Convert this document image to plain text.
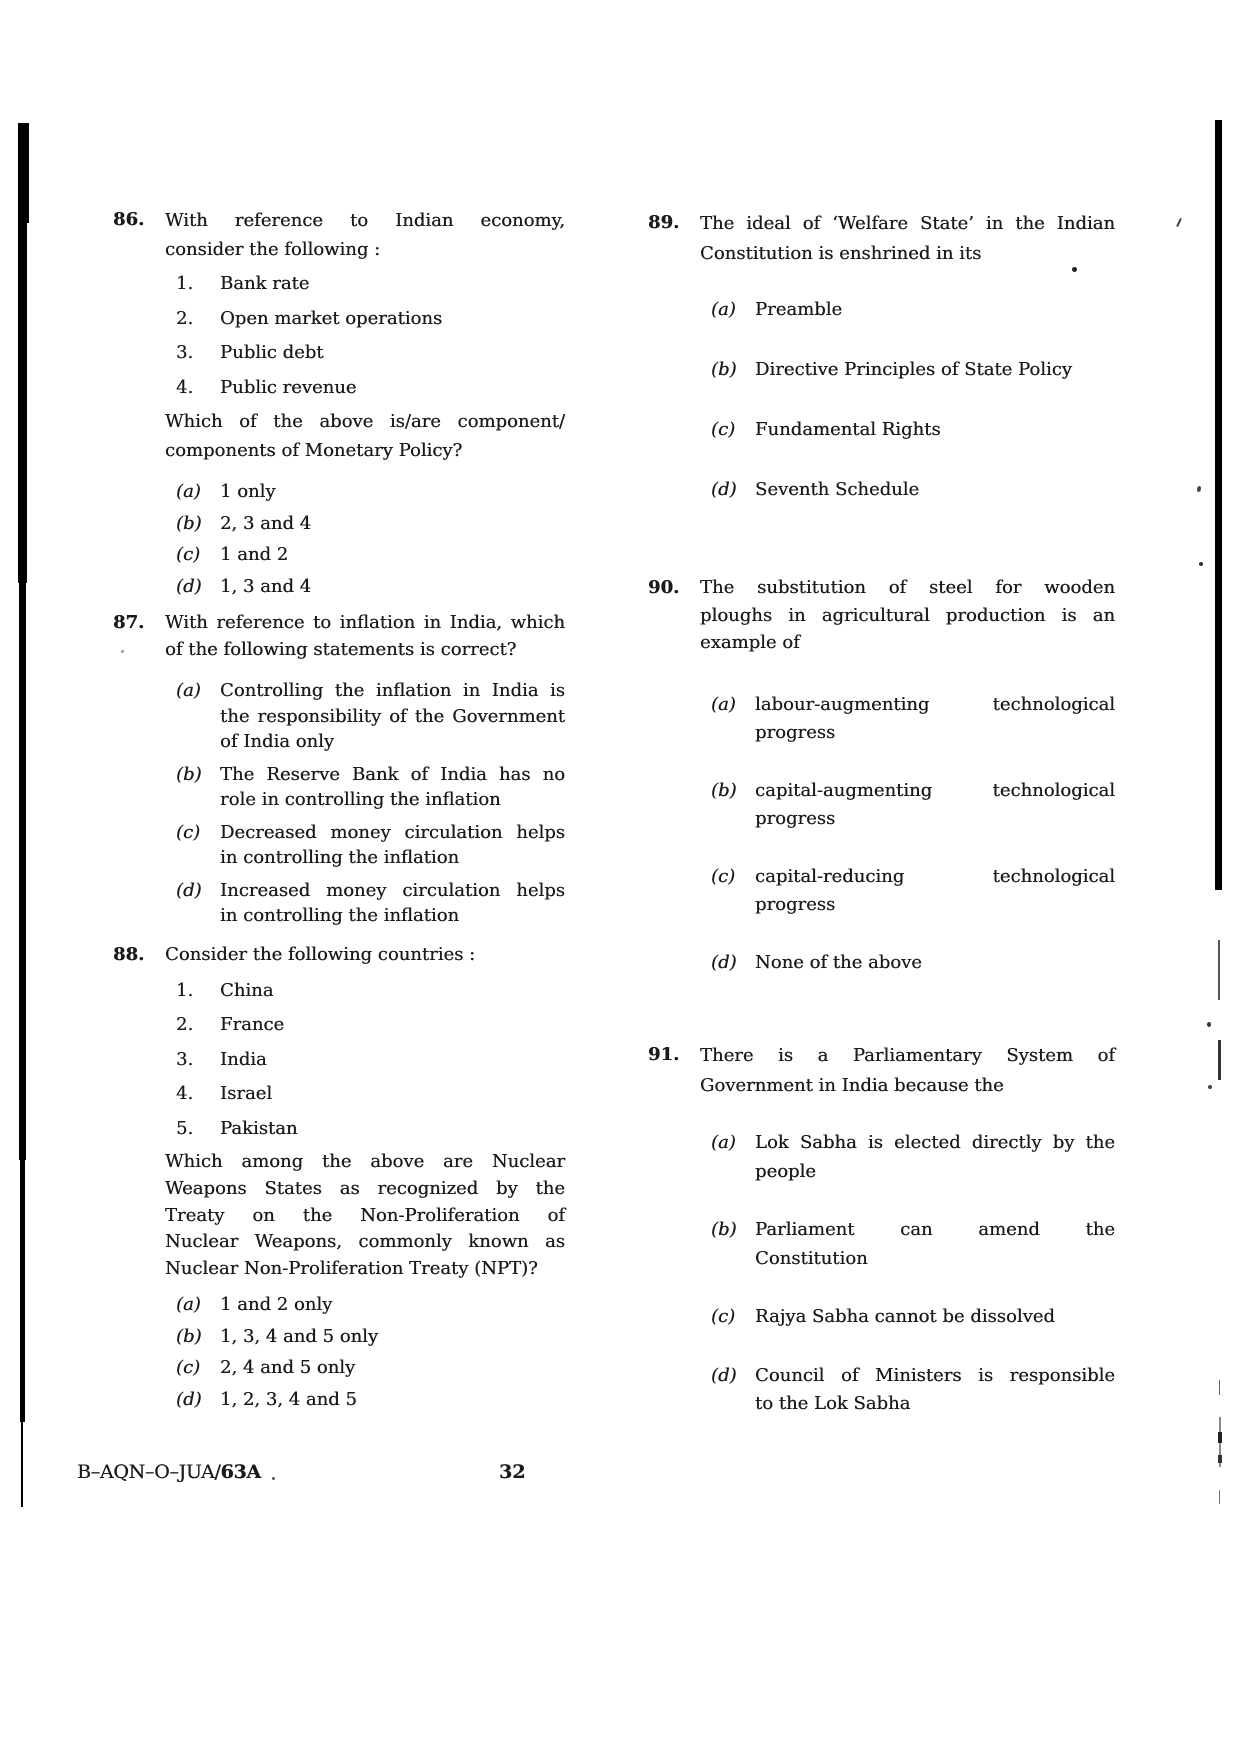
86. With reference to Indian economy,
consider the following :
1. Bank rate
2. Open market operations
3. Public debt
4. Public revenue
Which of the above is/are component/
components of Monetary Policy?
(a) 1 only
(b) 2, 3 and 4
(c) 1 and 2
(d) 1, 3 and 4
87. With reference to inflation in India, which
of the following statements is correct?
(a) Controlling the inflation in India is
the responsibility of the Government
of India only
(b) The Reserve Bank of India has no
role in controlling the inflation
(c) Decreased money circulation helps
in controlling the inflation
(d) Increased money circulation helps
in controlling the inflation
88. Consider the following countries :
1. China
2. France
3. India
4. Israel
5. Pakistan
Which among the above are Nuclear
Weapons States as recognized by the
Treaty on the Non-Proliferation of
Nuclear Weapons, commonly known as
Nuclear Non-Proliferation Treaty (NPT)?
(a) 1 and 2 only
(b) 1, 3, 4 and 5 only
(c) 2, 4 and 5 only
(d) 1, 2, 3, 4 and 5
89. The ideal of ‘Welfare State’ in the Indian
Constitution is enshrined in its
(a) Preamble
(b) Directive Principles of State Policy
(c) Fundamental Rights
(d) Seventh Schedule
90. The substitution of steel for wooden
ploughs in agricultural production is an
example of
(a) labour-augmenting technological
progress
(b) capital-augmenting technological
progress
(c) capital-reducing technological
progress
(d) None of the above
91. There is a Parliamentary System of
Government in India because the
(a) Lok Sabha is elected directly by the
people
(b) Parliament can amend the
Constitution
(c) Rajya Sabha cannot be dissolved
(d) Council of Ministers is responsible
to the Lok Sabha
B–AQN–O–JUA/63A	32
